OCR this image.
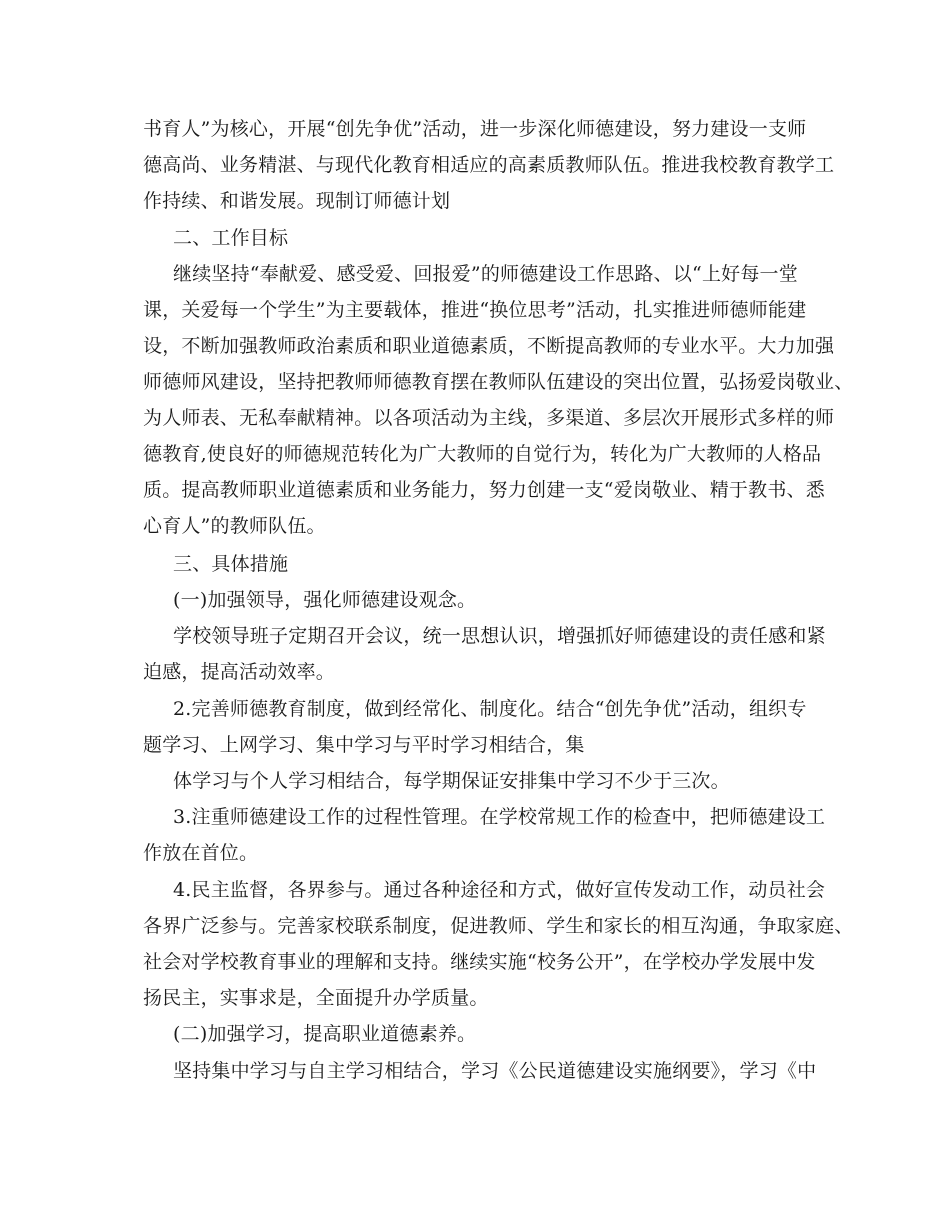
书育人”为核心，开展“创先争优”活动，进一步深化师德建设，努力建设一支师
德高尚、业务精湛、与现代化教育相适应的高素质教师队伍。推进我校教育教学工
作持续、和谐发展。现制订师德计划
二、工作目标
继续坚持“奉献爱、感受爱、回报爱”的师德建设工作思路、以“上好每一堂
课，关爱每一个学生”为主要载体，推进“换位思考”活动，扎实推进师德师能建
设，不断加强教师政治素质和职业道德素质，不断提高教师的专业水平。大力加强
师德师风建设，坚持把教师师德教育摆在教师队伍建设的突出位置，弘扬爱岗敬业、
为人师表、无私奉献精神。以各项活动为主线，多渠道、多层次开展形式多样的师
德教育,使良好的师德规范转化为广大教师的自觉行为，转化为广大教师的人格品
质。提高教师职业道德素质和业务能力，努力创建一支“爱岗敬业、精于教书、悉
心育人”的教师队伍。
三、具体措施
(一)加强领导，强化师德建设观念。
学校领导班子定期召开会议，统一思想认识，增强抓好师德建设的责任感和紧
迫感，提高活动效率。
2.完善师德教育制度，做到经常化、制度化。结合“创先争优”活动，组织专
题学习、上网学习、集中学习与平时学习相结合，集
体学习与个人学习相结合，每学期保证安排集中学习不少于三次。
3.注重师德建设工作的过程性管理。在学校常规工作的检查中，把师德建设工
作放在首位。
4.民主监督，各界参与。通过各种途径和方式，做好宣传发动工作，动员社会
各界广泛参与。完善家校联系制度，促进教师、学生和家长的相互沟通，争取家庭、
社会对学校教育事业的理解和支持。继续实施“校务公开”，在学校办学发展中发
扬民主，实事求是，全面提升办学质量。
(二)加强学习，提高职业道德素养。
坚持集中学习与自主学习相结合，学习《公民道德建设实施纲要》，学习《中
